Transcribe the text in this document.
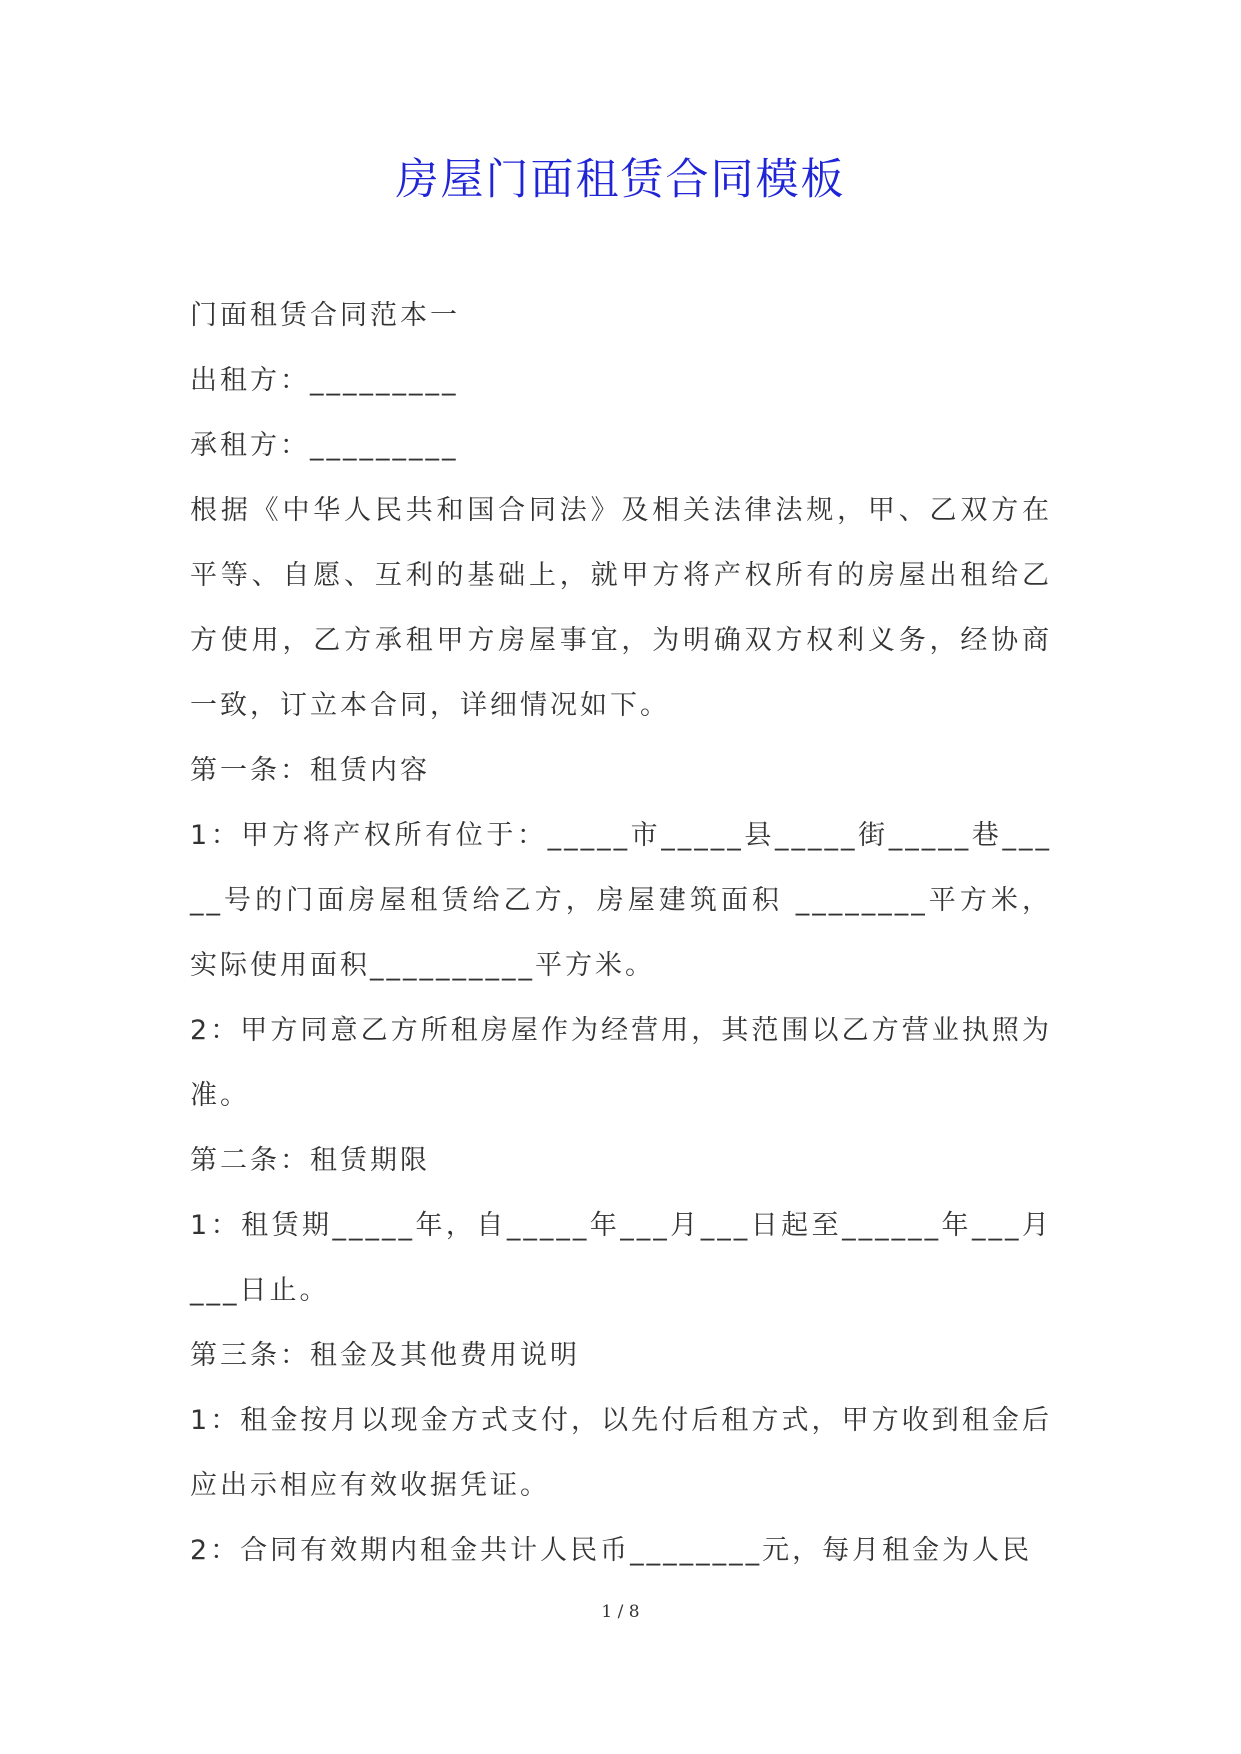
房屋门面租赁合同模板

门面租赁合同范本一

出租方：_________

承租方：_________

根据《中华人民共和国合同法》及相关法律法规，甲、乙双方在平等、自愿、互利的基础上，就甲方将产权所有的房屋出租给乙方使用，乙方承租甲方房屋事宜，为明确双方权利义务，经协商一致，订立本合同，详细情况如下。

第一条：租赁内容

1：甲方将产权所有位于：_____市_____县_____街_____巷_____号的门面房屋租赁给乙方，房屋建筑面积 ________平方米，实际使用面积__________平方米。

2：甲方同意乙方所租房屋作为经营用，其范围以乙方营业执照为准。

第二条：租赁期限

1：租赁期_____年，自_____年___月___日起至______年___月___日止。

第三条：租金及其他费用说明

1：租金按月以现金方式支付，以先付后租方式，甲方收到租金后应出示相应有效收据凭证。

2：合同有效期内租金共计人民币________元，每月租金为人民

1 / 8
